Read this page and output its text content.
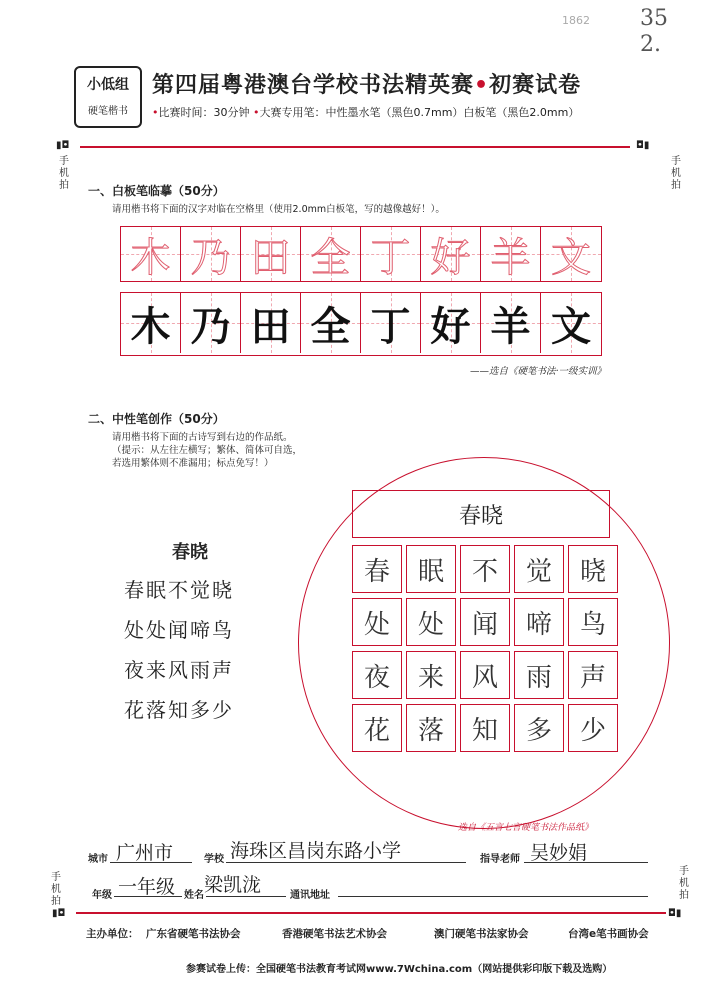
1862 35
2.
小低组
硬笔楷书
第四届粤港澳台学校书法精英赛•初赛试卷
•比赛时间：30分钟 •大赛专用笔：中性墨水笔（黑色0.7mm）白板笔（黑色2.0mm）
▮◘	◘▮
手
机
拍
手
机
拍
一、白板笔临摹（50分）
请用楷书将下面的汉字对临在空格里（使用2.0mm白板笔，写的越像越好！）。
木 乃 田 全 丁 好 羊 文
木 乃 田 全 丁 好 羊 文
——选自《硬笔书法·一级实训》
二、中性笔创作（50分）
请用楷书将下面的古诗写到右边的作品纸。
（提示：从左往左横写；繁体、简体可自选，
若选用繁体则不准漏用；标点免写！）
春晓
春眠不觉晓
处处闻啼鸟
夜来风雨声
花落知多少
春晓
春	眠	不	觉	晓
处	处	闻	啼	鸟
夜	来	风	雨	声
花	落	知	多	少
选自《五言七言硬笔书法作品纸》
城市 广州市	学校 海珠区昌岗东路小学	指导老师 吴妙娟
年级 一年级 姓名 梁凯泷	通讯地址
手
机
拍
手
机
拍
▮◘	◘▮
主办单位： 广东省硬笔书法协会	香港硬笔书法艺术协会	澳门硬笔书法家协会	台湾e笔书画协会
参赛试卷上传：全国硬笔书法教育考试网www.7Wchina.com（网站提供彩印版下载及选购）
